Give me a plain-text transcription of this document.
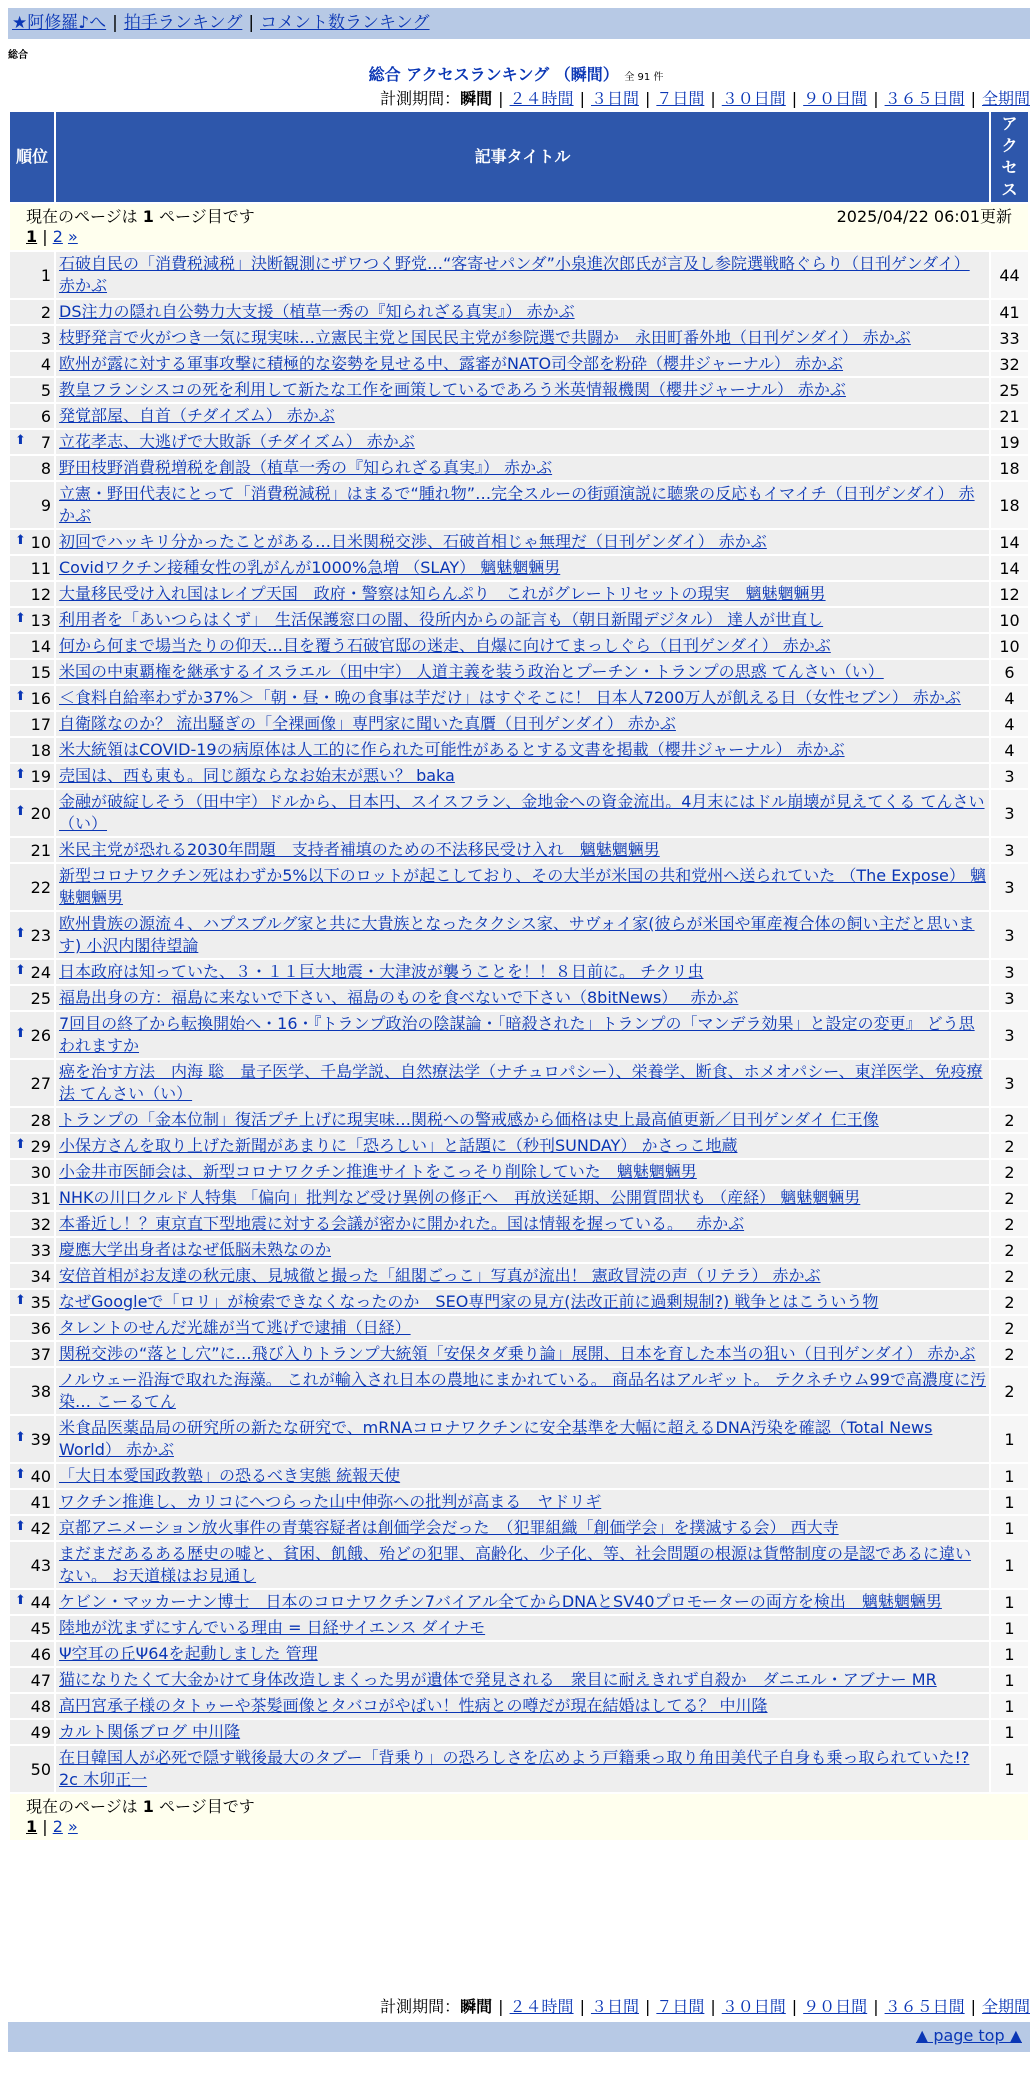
★阿修羅♪へ | 拍手ランキング | コメント数ランキング
総合
総合 アクセスランキング （瞬間） 全 91 件
計測期間：瞬間 | ２４時間 | ３日間 | ７日間 | ３０日間 | ９０日間 | ３６５日間 | 全期間
現在のページは 1 ページ目です 2025/04/22 06:01更新
1 | 2 »		

順位	記事タイトル	アクセス
1	石破自民の「消費税減税」決断観測にザワつく野党…“客寄せパンダ”小泉進次郎氏が言及し参院選戦略ぐらり（日刊ゲンダイ） 赤かぶ	44
2	DS注力の隠れ自公勢力大支援（植草一秀の『知られざる真実』） 赤かぶ	41
3	枝野発言で火がつき一気に現実味…立憲民主党と国民民主党が参院選で共闘か　永田町番外地（日刊ゲンダイ） 赤かぶ	33
4	欧州が露に対する軍事攻撃に積極的な姿勢を見せる中、露審がNATO司令部を粉砕（櫻井ジャーナル） 赤かぶ	32
5	教皇フランシスコの死を利用して新たな工作を画策しているであろう米英情報機関（櫻井ジャーナル） 赤かぶ	25
6	発覚部屋、自首（チダイズム） 赤かぶ	21

⬆ 7	立花孝志、大逃げで大敗訴（チダイズム） 赤かぶ	19
8	野田枝野消費税増税を創設（植草一秀の『知られざる真実』） 赤かぶ	18
9	立憲・野田代表にとって「消費税減税」はまるで“腫れ物”…完全スルーの街頭演説に聴衆の反応もイマイチ（日刊ゲンダイ） 赤かぶ	18

⬆ 10	初回でハッキリ分かったことがある…日米関税交渉、石破首相じゃ無理だ（日刊ゲンダイ） 赤かぶ	14
11	Covidワクチン接種女性の乳がんが1000%急増 （SLAY） 魑魅魍魎男	14
12	大量移民受け入れ国はレイプ天国　政府・警察は知らんぷり　これがグレートリセットの現実　魑魅魍魎男	12

⬆ 13	利用者を「あいつらはくず」　生活保護窓口の闇、役所内からの証言も（朝日新聞デジタル） 達人が世直し	10
14	何から何まで場当たりの仰天…目を覆う石破官邸の迷走、自爆に向けてまっしぐら（日刊ゲンダイ） 赤かぶ	10
15	米国の中東覇権を継承するイスラエル（田中宇） 人道主義を装う政治とプーチン・トランプの思惑 てんさい（い）	6

⬆ 16	＜食料自給率わずか37%＞「朝・昼・晩の食事は芋だけ」はすぐそこに！ 日本人7200万人が飢える日（女性セブン） 赤かぶ	4
17	自衛隊なのか？ 流出騒ぎの「全裸画像」専門家に聞いた真贋（日刊ゲンダイ） 赤かぶ	4
18	米大統領はCOVID-19の病原体は人工的に作られた可能性があるとする文書を掲載（櫻井ジャーナル） 赤かぶ	4

⬆ 19	売国は、西も東も。同じ顔ならなお始末が悪い？ baka	3

⬆ 20	金融が破綻しそう（田中宇）ドルから、日本円、スイスフラン、金地金への資金流出。4月末にはドル崩壊が見えてくる てんさい（い）	3
21	米民主党が恐れる2030年問題　支持者補填のための不法移民受け入れ　魑魅魍魎男	3
22	新型コロナワクチン死はわずか5%以下のロットが起こしており、その大半が米国の共和党州へ送られていた （The Expose） 魑魅魍魎男	3

⬆ 23	欧州貴族の源流４、ハプスブルグ家と共に大貴族となったタクシス家、サヴォイ家(彼らが米国や軍産複合体の飼い主だと思います) 小沢内閣待望論	3

⬆ 24	日本政府は知っていた、３・１１巨大地震・大津波が襲うことを！！８日前に。 チクリ虫	3
25	福島出身の方：福島に来ないで下さい、福島のものを食べないで下さい（8bitNews）　 赤かぶ	3

⬆ 26	7回目の終了から転換開始へ・16・『トランプ政治の陰謀論・「暗殺された」トランプの「マンデラ効果」と設定の変更』 どう思われますか	3
27	癌を治す方法　内海 聡　量子医学、千島学説、自然療法学（ナチュロパシー）、栄養学、断食、ホメオパシー、東洋医学、免疫療法 てんさい（い）	3
28	トランプの「金本位制」復活プチ上げに現実味…関税への警戒感から価格は史上最高値更新／日刊ゲンダイ 仁王像	2

⬆ 29	小保方さんを取り上げた新聞があまりに「恐ろしい」と話題に（秒刊SUNDAY） かさっこ地蔵	2
30	小金井市医師会は、新型コロナワクチン推進サイトをこっそり削除していた　魑魅魍魎男	2
31	NHKの川口クルド人特集 「偏向」批判など受け異例の修正へ　再放送延期、公開質問状も （産経） 魑魅魍魎男	2
32	本番近し！？東京直下型地震に対する会議が密かに開かれた。国は情報を握っている。　 赤かぶ	2
33	慶應大学出身者はなぜ低脳未熟なのか	2
34	安倍首相がお友達の秋元康、見城徹と撮った「組閣ごっこ」写真が流出！ 憲政冒涜の声（リテラ） 赤かぶ	2

⬆ 35	なぜGoogleで「ロリ」が検索できなくなったのか　SEO専門家の見方(法改正前に過剰規制?) 戦争とはこういう物	2
36	タレントのせんだ光雄が当て逃げで逮捕（日経）	2
37	関税交渉の“落とし穴”に…飛び入りトランプ大統領「安保タダ乗り論」展開、日本を育した本当の狙い（日刊ゲンダイ） 赤かぶ	2
38	ノルウェー沿海で取れた海藻。 これが輸入され日本の農地にまかれている。 商品名はアルギット。 テクネチウム99で高濃度に汚染… こーるてん	2

⬆ 39	米食品医薬品局の研究所の新たな研究で、mRNAコロナワクチンに安全基準を大幅に超えるDNA汚染を確認（Total News World） 赤かぶ	1

⬆ 40	「大日本愛国政教塾」の恐るべき実態 統報天使	1
41	ワクチン推進し、カリコにへつらった山中伸弥への批判が高まる　ヤドリギ	1

⬆ 42	京都アニメーション放火事件の青葉容疑者は創価学会だった　（犯罪組織「創価学会」を撲滅する会） 西大寺	1
43	まだまだあるある歴史の嘘と、貧困、飢餓、殆どの犯罪、高齢化、少子化、等、社会問題の根源は貨幣制度の是認であるに違いない。 お天道様はお見通し	1

⬆ 44	ケビン・マッカーナン博士　日本のコロナワクチン7バイアル全てからDNAとSV40プロモーターの両方を検出　魑魅魍魎男	1
45	陸地が沈まずにすんでいる理由 = 日経サイエンス ダイナモ	1
46	Ψ空耳の丘Ψ64を起動しました 管理	1
47	猫になりたくて大金かけて身体改造しまくった男が遺体で発見される　衆目に耐えきれず自殺か　ダニエル・アブナー MR	1
48	高円宮承子様のタトゥーや茶髪画像とタバコがやばい！性病との噂だが現在結婚はしてる？ 中川隆	1
49	カルト関係ブログ 中川隆	1
50	在日韓国人が必死で隠す戦後最大のタブー「背乗り」の恐ろしさを広めよう戸籍乗っ取り角田美代子自身も乗っ取られていた!? 2c 木卯正一	1

現在のページは 1 ページ目です
1 | 2 »		
計測期間：瞬間 | ２４時間 | ３日間 | ７日間 | ３０日間 | ９０日間 | ３６５日間 | 全期間
▲ page top ▲
